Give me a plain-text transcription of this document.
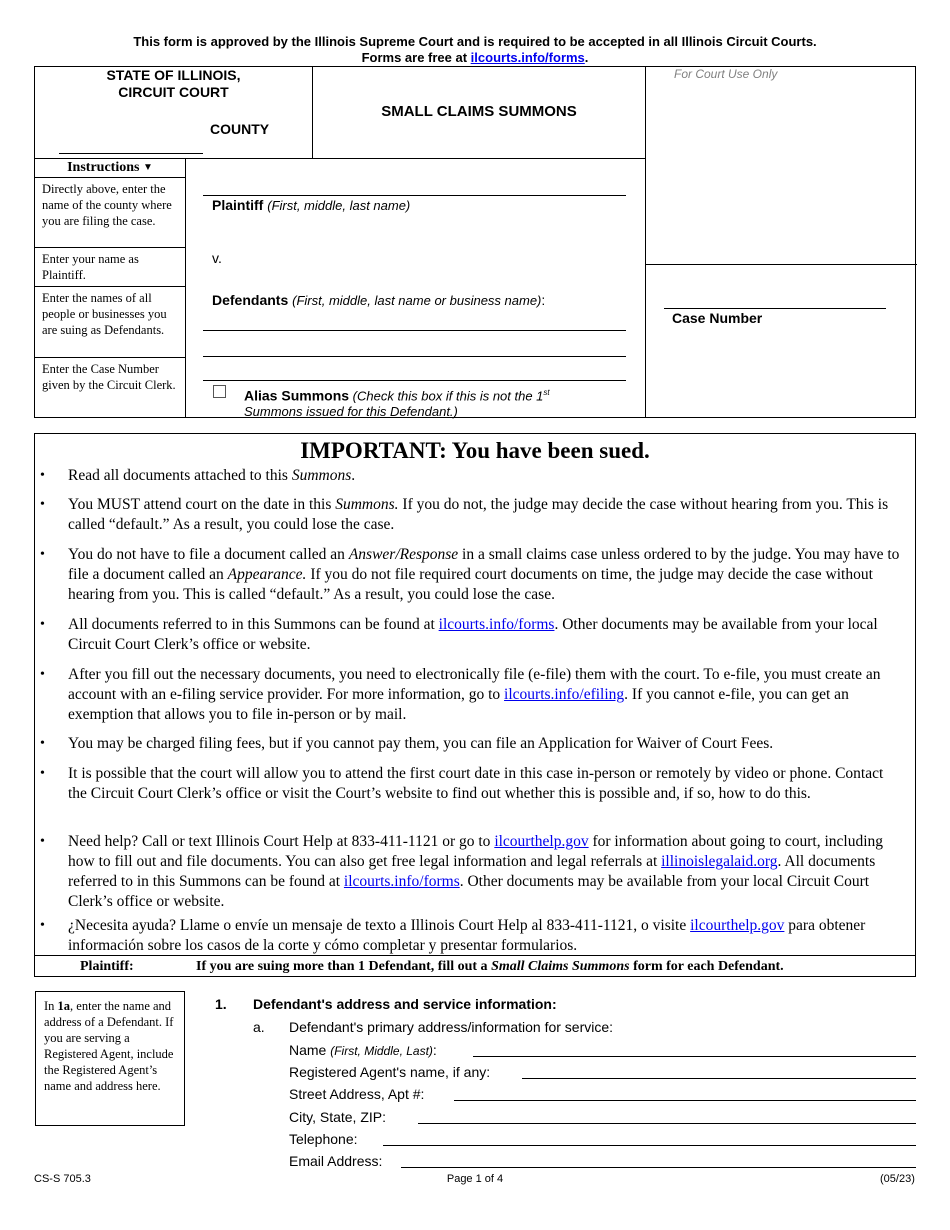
This form is approved by the Illinois Supreme Court and is required to be accepted in all Illinois Circuit Courts.
Forms are free at ilcourts.info/forms.
STATE OF ILLINOIS,
CIRCUIT COURT
COUNTY
SMALL CLAIMS SUMMONS
For Court Use Only
Case Number
Instructions ▼
Directly above, enter the name of the county where you are filing the case.
Enter your name as Plaintiff.
Enter the names of all people or businesses you are suing as Defendants.
Enter the Case Number given by the Circuit Clerk.
Plaintiff (First, middle, last name)
v.
Defendants (First, middle, last name or business name):
Alias Summons (Check this box if this is not the 1st
Summons issued for this Defendant.)
IMPORTANT: You have been sued.
Plaintiff:	If you are suing more than 1 Defendant, fill out a Small Claims Summons form for each Defendant.
• Read all documents attached to this Summons.
• You MUST attend court on the date in this Summons. If you do not, the judge may decide the case without hearing from you. This is called “default.” As a result, you could lose the case.
• You do not have to file a document called an Answer/Response in a small claims case unless ordered to by the judge. You may have to file a document called an Appearance. If you do not file required court documents on time, the judge may decide the case without hearing from you. This is called “default.” As a result, you could lose the case.
• All documents referred to in this Summons can be found at ilcourts.info/forms. Other documents may be available from your local Circuit Court Clerk’s office or website.
• After you fill out the necessary documents, you need to electronically file (e-file) them with the court. To e-file, you must create an account with an e-filing service provider. For more information, go to ilcourts.info/efiling. If you cannot e-file, you can get an exemption that allows you to file in-person or by mail.
• You may be charged filing fees, but if you cannot pay them, you can file an Application for Waiver of Court Fees.
• It is possible that the court will allow you to attend the first court date in this case in-person or remotely by video or phone. Contact the Circuit Court Clerk’s office or visit the Court’s website to find out whether this is possible and, if so, how to do this.
• Need help? Call or text Illinois Court Help at 833-411-1121 or go to ilcourthelp.gov for information about going to court, including how to fill out and file documents. You can also get free legal information and legal referrals at illinoislegalaid.org. All documents referred to in this Summons can be found at ilcourts.info/forms. Other documents may be available from your local Circuit Court Clerk’s office or website.
• ¿Necesita ayuda? Llame o envíe un mensaje de texto a Illinois Court Help al 833-411-1121, o visite ilcourthelp.gov para obtener información sobre los casos de la corte y cómo completar y presentar formularios.
In 1a, enter the name and address of a Defendant. If you are serving a Registered Agent, include the Registered Agent’s name and address here.
1. Defendant's address and service information:
a. Defendant's primary address/information for service:
Name (First, Middle, Last):
Registered Agent's name, if any:
Street Address, Apt #:
City, State, ZIP:
Telephone:
Email Address:
CS-S 705.3	Page 1 of 4	(05/23)
